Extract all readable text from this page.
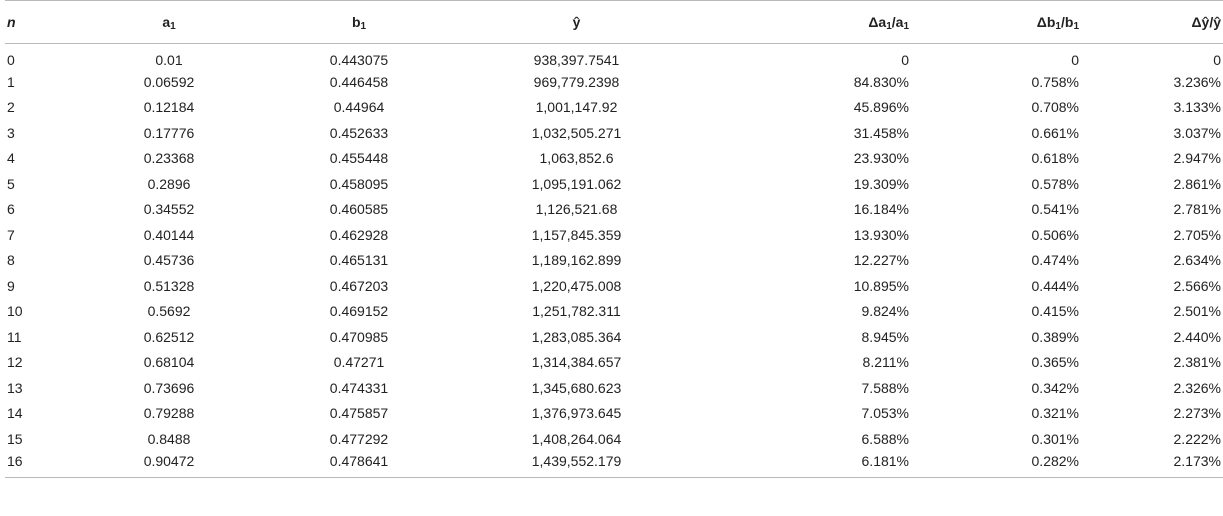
n	$a_1$	$b_1$	ŷ	$\Delta a_1/a_1$	$\Delta b_1/b_1$	Δŷ/ŷ
0	0.01	0.443075	938,397.7541	0	0	0
1	0.06592	0.446458	969,779.2398	84.830%	0.758%	3.236%
2	0.12184	0.44964	1,001,147.92	45.896%	0.708%	3.133%
3	0.17776	0.452633	1,032,505.271	31.458%	0.661%	3.037%
4	0.23368	0.455448	1,063,852.6	23.930%	0.618%	2.947%
5	0.2896	0.458095	1,095,191.062	19.309%	0.578%	2.861%
6	0.34552	0.460585	1,126,521.68	16.184%	0.541%	2.781%
7	0.40144	0.462928	1,157,845.359	13.930%	0.506%	2.705%
8	0.45736	0.465131	1,189,162.899	12.227%	0.474%	2.634%
9	0.51328	0.467203	1,220,475.008	10.895%	0.444%	2.566%
10	0.5692	0.469152	1,251,782.311	9.824%	0.415%	2.501%
11	0.62512	0.470985	1,283,085.364	8.945%	0.389%	2.440%
12	0.68104	0.47271	1,314,384.657	8.211%	0.365%	2.381%
13	0.73696	0.474331	1,345,680.623	7.588%	0.342%	2.326%
14	0.79288	0.475857	1,376,973.645	7.053%	0.321%	2.273%
15	0.8488	0.477292	1,408,264.064	6.588%	0.301%	2.222%
16	0.90472	0.478641	1,439,552.179	6.181%	0.282%	2.173%
